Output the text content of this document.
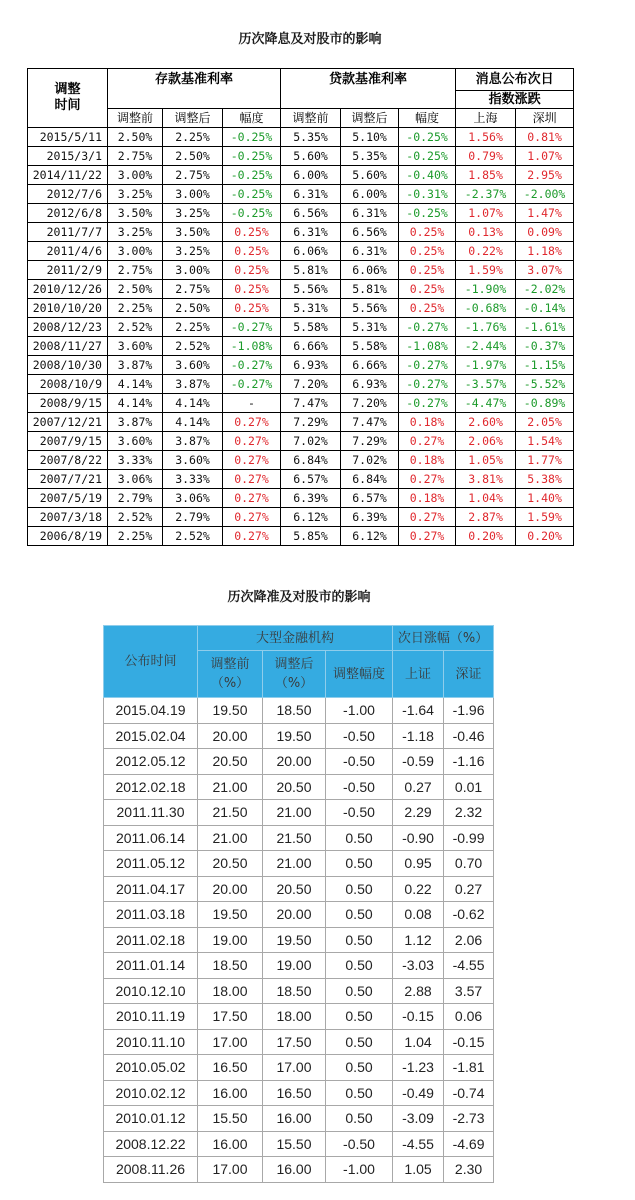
历次降息及对股市的影响
调整
时间	存款基准利率			贷款基准利率			消息公布次日	
							指数涨跌	
	调整前	调整后	幅度	调整前	调整后	幅度	上海	深圳
2015/5/11	2.50%	2.25%	-0.25%	5.35%	5.10%	-0.25%	1.56%	0.81%
2015/3/1	2.75%	2.50%	-0.25%	5.60%	5.35%	-0.25%	0.79%	1.07%
2014/11/22	3.00%	2.75%	-0.25%	6.00%	5.60%	-0.40%	1.85%	2.95%
2012/7/6	3.25%	3.00%	-0.25%	6.31%	6.00%	-0.31%	-2.37%	-2.00%
2012/6/8	3.50%	3.25%	-0.25%	6.56%	6.31%	-0.25%	1.07%	1.47%
2011/7/7	3.25%	3.50%	0.25%	6.31%	6.56%	0.25%	0.13%	0.09%
2011/4/6	3.00%	3.25%	0.25%	6.06%	6.31%	0.25%	0.22%	1.18%
2011/2/9	2.75%	3.00%	0.25%	5.81%	6.06%	0.25%	1.59%	3.07%
2010/12/26	2.50%	2.75%	0.25%	5.56%	5.81%	0.25%	-1.90%	-2.02%
2010/10/20	2.25%	2.50%	0.25%	5.31%	5.56%	0.25%	-0.68%	-0.14%
2008/12/23	2.52%	2.25%	-0.27%	5.58%	5.31%	-0.27%	-1.76%	-1.61%
2008/11/27	3.60%	2.52%	-1.08%	6.66%	5.58%	-1.08%	-2.44%	-0.37%
2008/10/30	3.87%	3.60%	-0.27%	6.93%	6.66%	-0.27%	-1.97%	-1.15%
2008/10/9	4.14%	3.87%	-0.27%	7.20%	6.93%	-0.27%	-3.57%	-5.52%
2008/9/15	4.14%	4.14%	-	7.47%	7.20%	-0.27%	-4.47%	-0.89%
2007/12/21	3.87%	4.14%	0.27%	7.29%	7.47%	0.18%	2.60%	2.05%
2007/9/15	3.60%	3.87%	0.27%	7.02%	7.29%	0.27%	2.06%	1.54%
2007/8/22	3.33%	3.60%	0.27%	6.84%	7.02%	0.18%	1.05%	1.77%
2007/7/21	3.06%	3.33%	0.27%	6.57%	6.84%	0.27%	3.81%	5.38%
2007/5/19	2.79%	3.06%	0.27%	6.39%	6.57%	0.18%	1.04%	1.40%
2007/3/18	2.52%	2.79%	0.27%	6.12%	6.39%	0.27%	2.87%	1.59%
2006/8/19	2.25%	2.52%	0.27%	5.85%	6.12%	0.27%	0.20%	0.20%
历次降准及对股市的影响
公布时间	大型金融机构			次日涨幅（%）	
	调整前
（%）	调整后
（%）	调整幅度	上证	深证
2015.04.19	19.50	18.50	-1.00	-1.64	-1.96
2015.02.04	20.00	19.50	-0.50	-1.18	-0.46
2012.05.12	20.50	20.00	-0.50	-0.59	-1.16
2012.02.18	21.00	20.50	-0.50	0.27	0.01
2011.11.30	21.50	21.00	-0.50	2.29	2.32
2011.06.14	21.00	21.50	0.50	-0.90	-0.99
2011.05.12	20.50	21.00	0.50	0.95	0.70
2011.04.17	20.00	20.50	0.50	0.22	0.27
2011.03.18	19.50	20.00	0.50	0.08	-0.62
2011.02.18	19.00	19.50	0.50	1.12	2.06
2011.01.14	18.50	19.00	0.50	-3.03	-4.55
2010.12.10	18.00	18.50	0.50	2.88	3.57
2010.11.19	17.50	18.00	0.50	-0.15	0.06
2010.11.10	17.00	17.50	0.50	1.04	-0.15
2010.05.02	16.50	17.00	0.50	-1.23	-1.81
2010.02.12	16.00	16.50	0.50	-0.49	-0.74
2010.01.12	15.50	16.00	0.50	-3.09	-2.73
2008.12.22	16.00	15.50	-0.50	-4.55	-4.69
2008.11.26	17.00	16.00	-1.00	1.05	2.30
